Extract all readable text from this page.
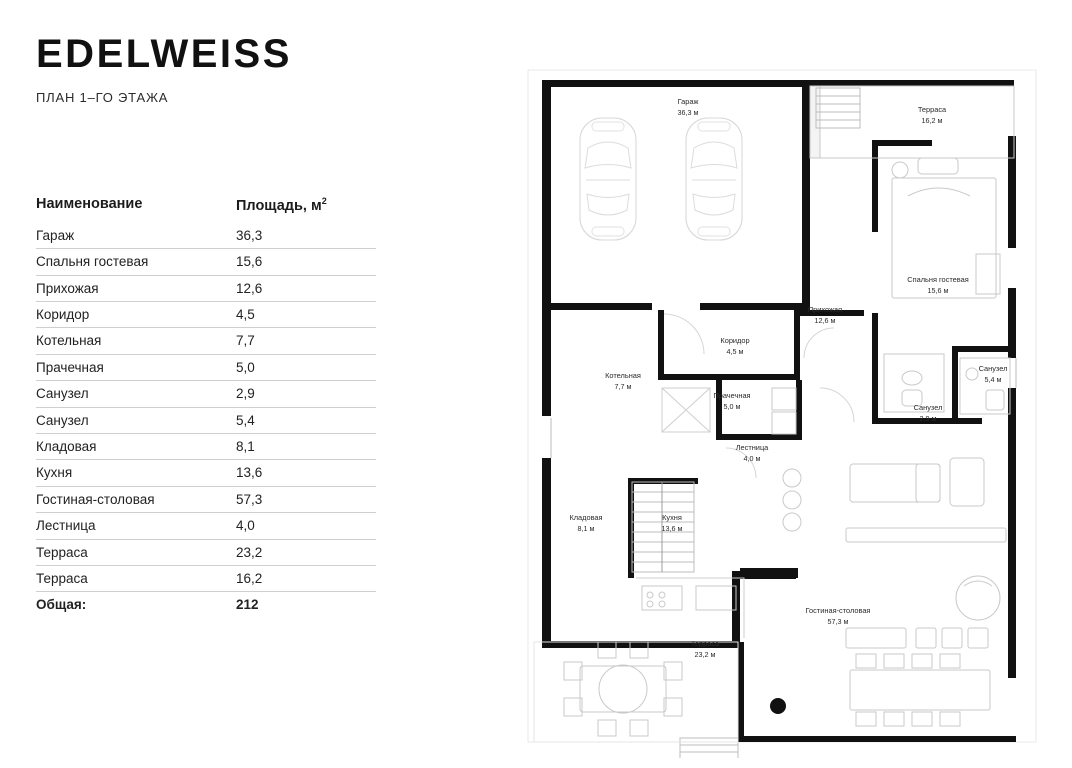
EDELWEISS
ПЛАН 1–ГО ЭТАЖА
Наименование	Площадь, $м^2$
Гараж	36,3
Спальня гостевая	15,6
Прихожая	12,6
Коридор	4,5
Котельная	7,7
Прачечная	5,0
Санузел	2,9
Санузел	5,4
Кладовая	8,1
Кухня	13,6
Гостиная-столовая	57,3
Лестница	4,0
Терраса	23,2
Терраса	16,2
Общая:	212
Гараж
36,3 м	Терраса
16,2 м
Спальня гостевая
15,6 м
Прихожая
12,6 м
Коридор
4,5 м
Котельная
7,7 м
Прачечная
5,0 м
Санузел
5,4 м
Санузел
2,9 м
Лестница
4,0 м
Кладовая
8,1 м
Кухня
13,6 м
Гостиная-столовая
57,3 м
Терраса
23,2 м
